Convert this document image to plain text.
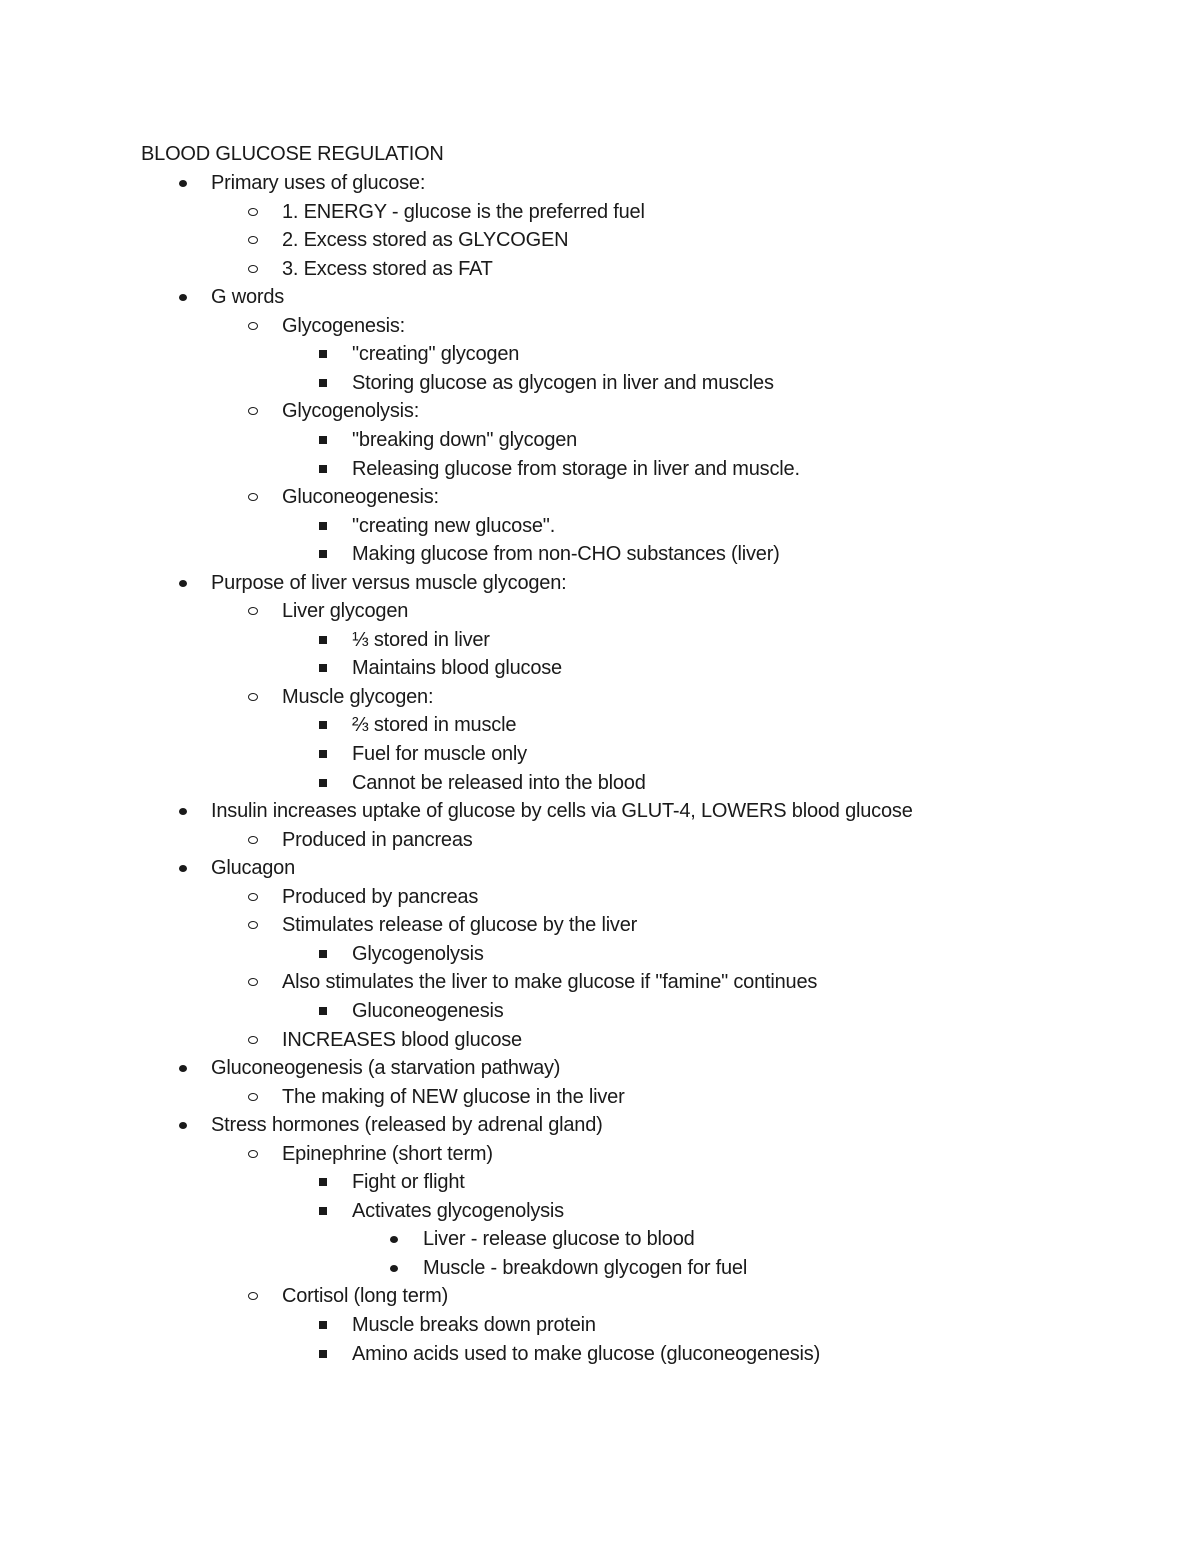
BLOOD GLUCOSE REGULATION
Primary uses of glucose:
1. ENERGY - glucose is the preferred fuel
2. Excess stored as GLYCOGEN
3. Excess stored as FAT
G words
Glycogenesis:
"creating" glycogen
Storing glucose as glycogen in liver and muscles
Glycogenolysis:
"breaking down" glycogen
Releasing glucose from storage in liver and muscle.
Gluconeogenesis:
"creating new glucose".
Making glucose from non-CHO substances (liver)
Purpose of liver versus muscle glycogen:
Liver glycogen
⅓ stored in liver
Maintains blood glucose
Muscle glycogen:
⅔ stored in muscle
Fuel for muscle only
Cannot be released into the blood
Insulin increases uptake of glucose by cells via GLUT-4, LOWERS blood glucose
Produced in pancreas
Glucagon
Produced by pancreas
Stimulates release of glucose by the liver
Glycogenolysis
Also stimulates the liver to make glucose if "famine" continues
Gluconeogenesis
INCREASES blood glucose
Gluconeogenesis (a starvation pathway)
The making of NEW glucose in the liver
Stress hormones (released by adrenal gland)
Epinephrine (short term)
Fight or flight
Activates glycogenolysis
Liver - release glucose to blood
Muscle - breakdown glycogen for fuel
Cortisol (long term)
Muscle breaks down protein
Amino acids used to make glucose (gluconeogenesis)
